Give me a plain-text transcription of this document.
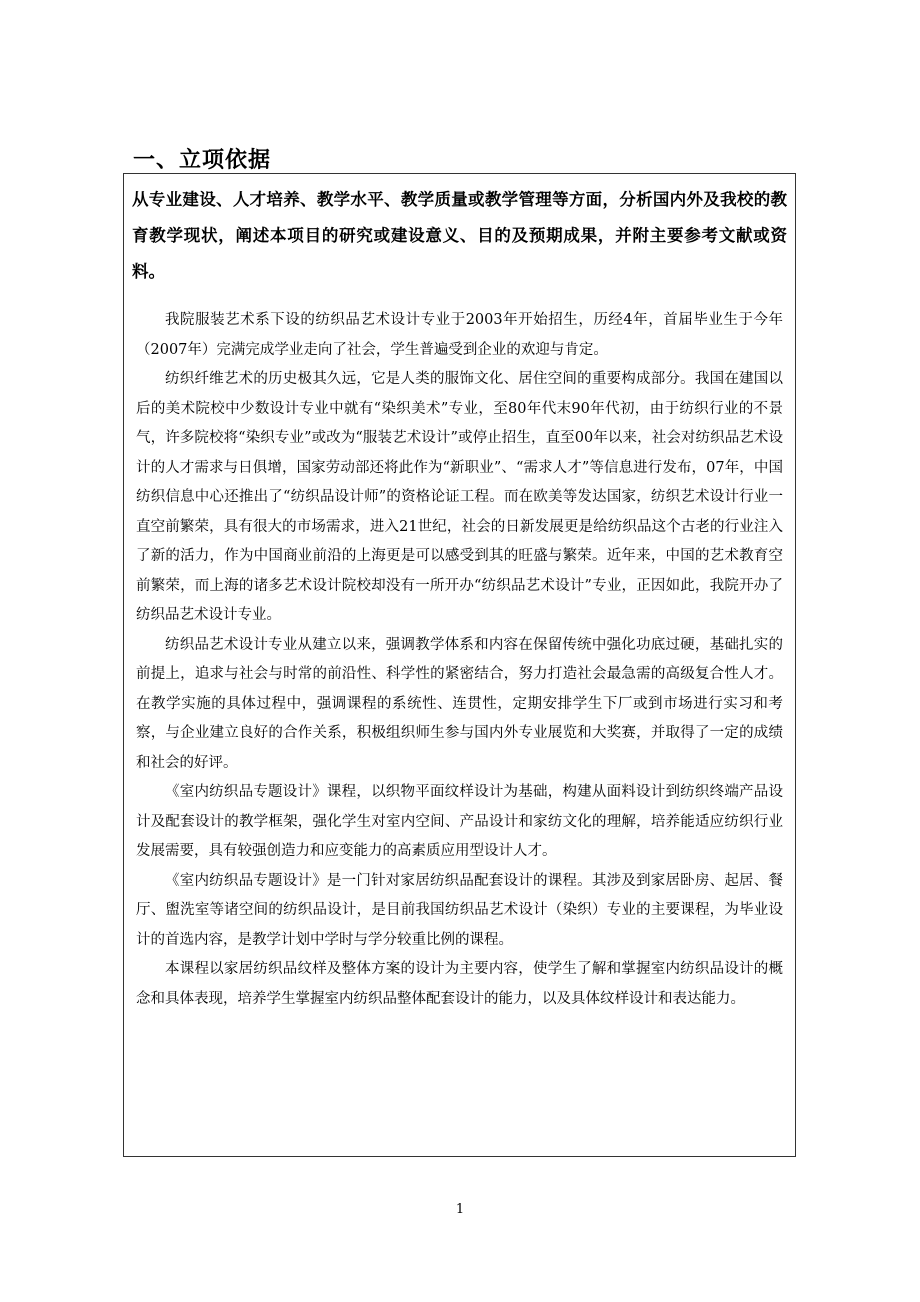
一、立项依据

从专业建设、人才培养、教学水平、教学质量或教学管理等方面，分析国内外及我校的教育教学现状，阐述本项目的研究或建设意义、目的及预期成果，并附主要参考文献或资料。

我院服装艺术系下设的纺织品艺术设计专业于2003年开始招生，历经4年，首届毕业生于今年（2007年）完满完成学业走向了社会，学生普遍受到企业的欢迎与肯定。

纺织纤维艺术的历史极其久远，它是人类的服饰文化、居住空间的重要构成部分。我国在建国以后的美术院校中少数设计专业中就有“染织美术”专业，至80年代末90年代初，由于纺织行业的不景气，许多院校将“染织专业”或改为“服装艺术设计”或停止招生，直至00年以来，社会对纺织品艺术设计的人才需求与日俱增，国家劳动部还将此作为“新职业”、“需求人才”等信息进行发布，07年，中国纺织信息中心还推出了“纺织品设计师”的资格论证工程。而在欧美等发达国家，纺织艺术设计行业一直空前繁荣，具有很大的市场需求，进入21世纪，社会的日新发展更是给纺织品这个古老的行业注入了新的活力，作为中国商业前沿的上海更是可以感受到其的旺盛与繁荣。近年来，中国的艺术教育空前繁荣，而上海的诸多艺术设计院校却没有一所开办“纺织品艺术设计”专业，正因如此，我院开办了纺织品艺术设计专业。

纺织品艺术设计专业从建立以来，强调教学体系和内容在保留传统中强化功底过硬，基础扎实的前提上，追求与社会与时常的前沿性、科学性的紧密结合，努力打造社会最急需的高级复合性人才。在教学实施的具体过程中，强调课程的系统性、连贯性，定期安排学生下厂或到市场进行实习和考察，与企业建立良好的合作关系，积极组织师生参与国内外专业展览和大奖赛，并取得了一定的成绩和社会的好评。

《室内纺织品专题设计》课程，以织物平面纹样设计为基础，构建从面料设计到纺织终端产品设计及配套设计的教学框架，强化学生对室内空间、产品设计和家纺文化的理解，培养能适应纺织行业发展需要，具有较强创造力和应变能力的高素质应用型设计人才。

《室内纺织品专题设计》是一门针对家居纺织品配套设计的课程。其涉及到家居卧房、起居、餐厅、盥洗室等诸空间的纺织品设计，是目前我国纺织品艺术设计（染织）专业的主要课程，为毕业设计的首选内容，是教学计划中学时与学分较重比例的课程。

本课程以家居纺织品纹样及整体方案的设计为主要内容，使学生了解和掌握室内纺织品设计的概念和具体表现，培养学生掌握室内纺织品整体配套设计的能力，以及具体纹样设计和表达能力。

1
